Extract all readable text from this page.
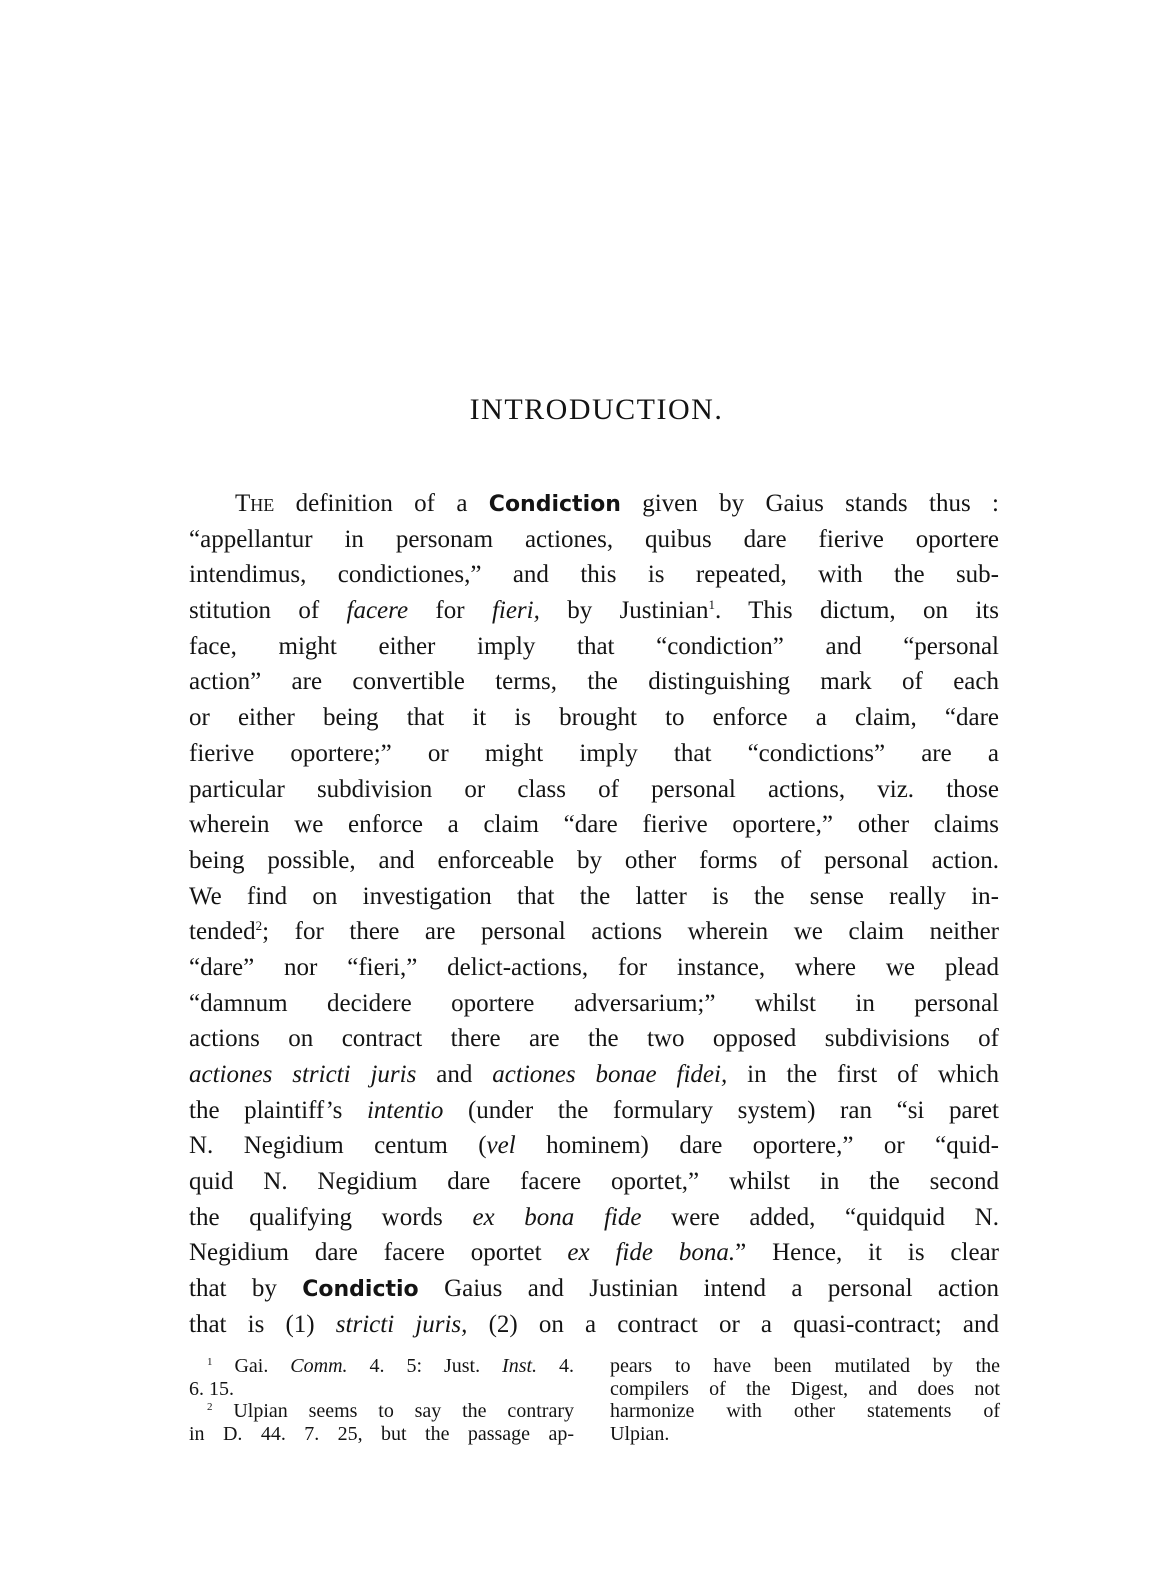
INTRODUCTION.
The definition of a Condiction given by Gaius stands thus :
“appellantur in personam actiones, quibus dare fierive oportere
intendimus, condictiones,” and this is repeated, with the sub-
stitution of facere for fieri, by Justinian$^1$. This dictum, on its
face, might either imply that “condiction” and “personal
action” are convertible terms, the distinguishing mark of each
or either being that it is brought to enforce a claim, “dare
fierive oportere;” or might imply that “condictions” are a
particular subdivision or class of personal actions, viz. those
wherein we enforce a claim “dare fierive oportere,” other claims
being possible, and enforceable by other forms of personal action.
We find on investigation that the latter is the sense really in-
tended$^2$; for there are personal actions wherein we claim neither
“dare” nor “fieri,” delict-actions, for instance, where we plead
“damnum decidere oportere adversarium;” whilst in personal
actions on contract there are the two opposed subdivisions of
actiones stricti juris and actiones bonae fidei, in the first of which
the plaintiff’s intentio (under the formulary system) ran “si paret
N. Negidium centum (vel hominem) dare oportere,” or “quid-
quid N. Negidium dare facere oportet,” whilst in the second
the qualifying words ex bona fide were added, “quidquid N.
Negidium dare facere oportet ex fide bona.” Hence, it is clear
that by Condictio Gaius and Justinian intend a personal action
that is (1) stricti juris, (2) on a contract or a quasi-contract; and
$^1$ Gai. Comm. 4. 5: Just. Inst. 4.
6. 15.
$^2$ Ulpian seems to say the contrary
in D. 44. 7. 25, but the passage ap-
pears to have been mutilated by the
compilers of the Digest, and does not
harmonize with other statements of
Ulpian.
